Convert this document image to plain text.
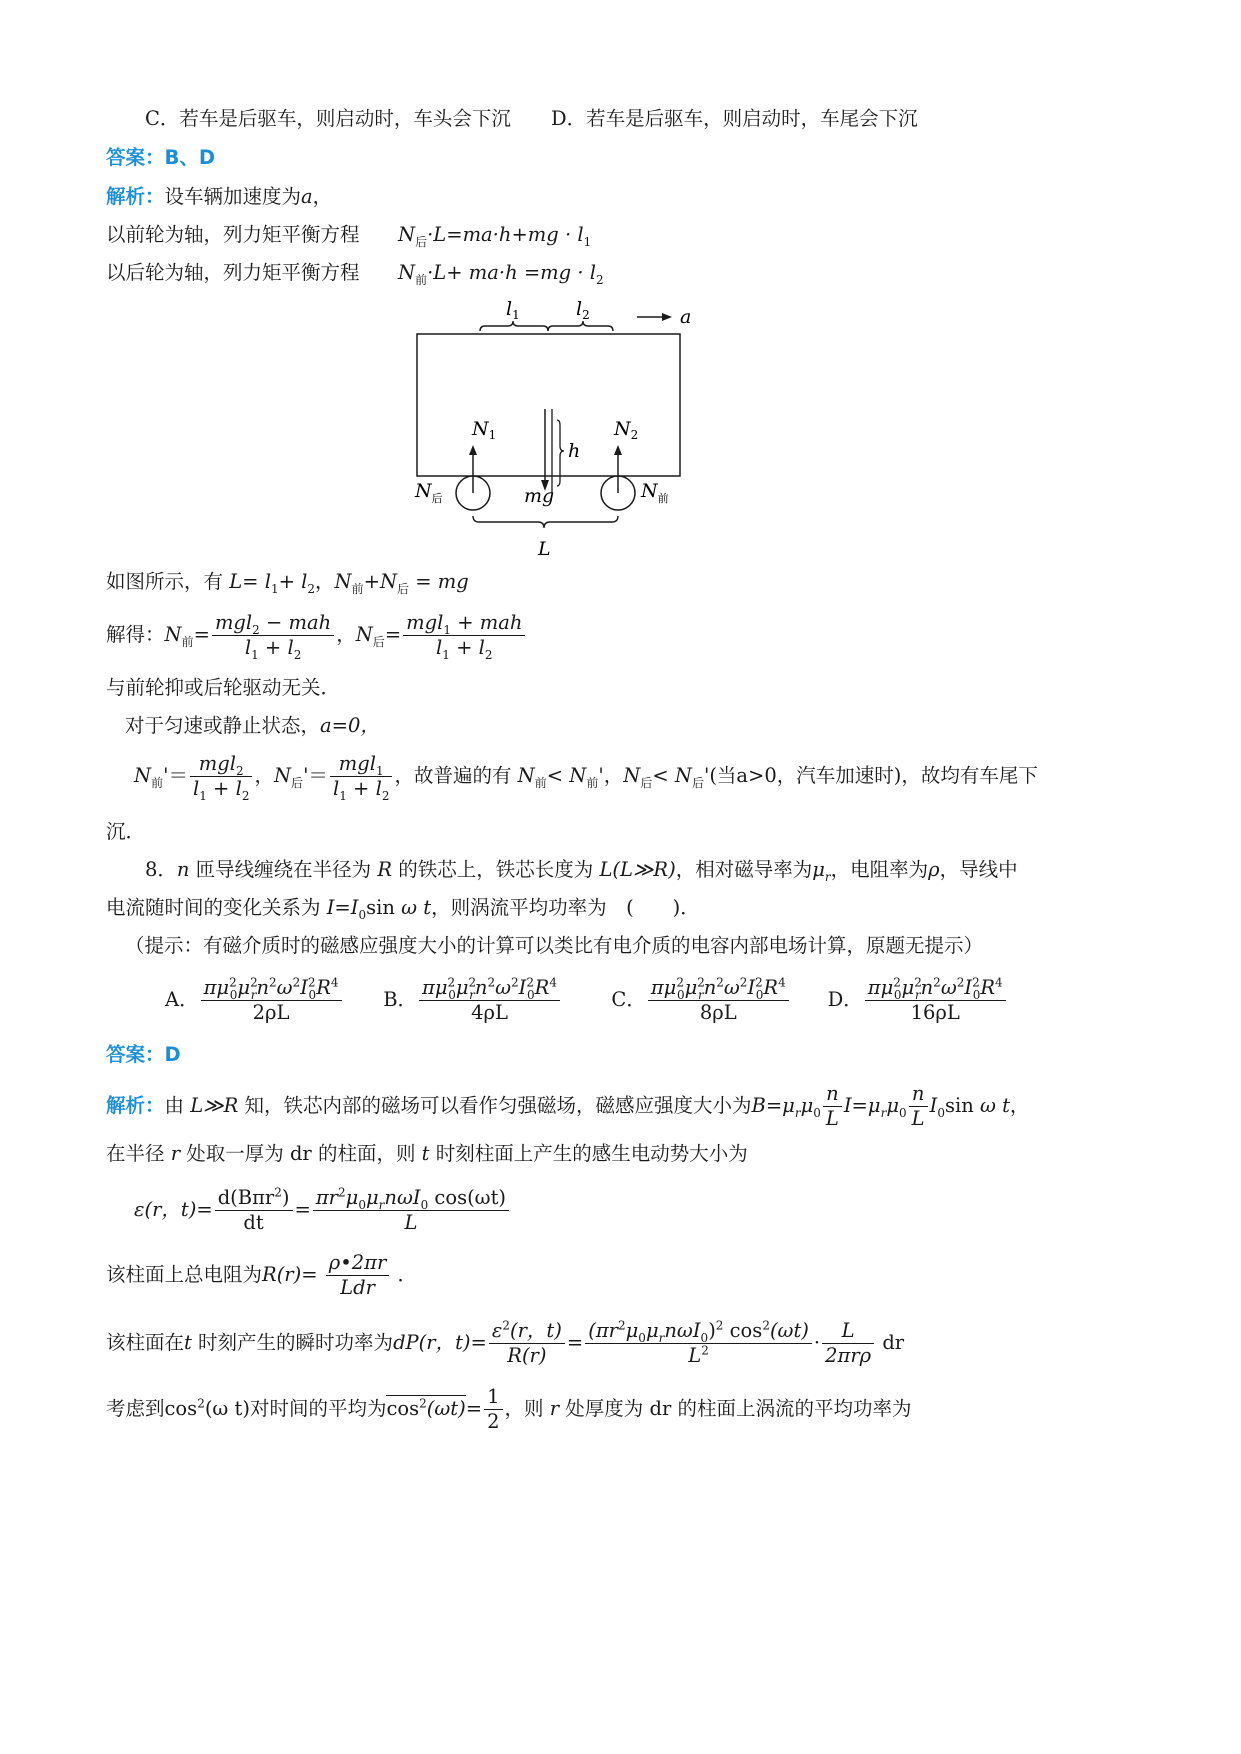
C．若车是后驱车，则启动时，车头会下沉 D．若车是后驱车，则启动时，车尾会下沉
答案：B、D
解析：设车辆加速度为a，
以前轮为轴，列力矩平衡方程 $N_后\cdot L=ma\cdot h+mg \cdot l_1$
以后轮为轴，列力矩平衡方程 $N_前\cdot L+ ma\cdot h =mg \cdot l_2$
$l_1$	$l_2$	a
$N_1$	$N_2$
h
$N_后$	mg	$N_前$
L
如图所示，有 $L= l_1+ l_2$，$N_前+N_后$ = mg
解得：$N_前=$
mgl$_2$ − mah
$l_1 + l_2$
，$N_后=$
mgl$_1$ + mah
$l_1 + l_2$
与前轮抑或后轮驱动无关．
对于匀速或静止状态，a=0，
$N_前'=$
mgl$_2$
$l_1 + l_2$
，$N_后'=$
mgl$_1$
$l_1 + l_2$
，故普遍的有 $N_前< N_前'$，$N_后< N_后'$(当a>0，汽车加速时)，故均有车尾下
沉．
8．n 匝导线缠绕在半径为 R 的铁芯上，铁芯长度为 L(L≫R)，相对磁导率为$\mu_r$，电阻率为ρ，导线中
电流随时间的变化关系为 $I=I_0\sin$ ω t，则涡流平均功率为　(　　)．
（提示：有磁介质时的磁感应强度大小的计算可以类比有电介质的电容内部电场计算，原题无提示）
A． $\frac{\pi\mu^2_0\mu^2_rn^2\omega^2I^2_0R^4}{2\rho L}$ B． $\frac{\pi\mu^2_0\mu^2_rn^2\omega^2I^2_0R^4}{4\rho L}$	C． $\frac{\pi\mu^2_0\mu^2_rn^2\omega^2I^2_0R^4}{8\rho L}$ D． $\frac{\pi\mu^2_0\mu^2_rn^2\omega^2I^2_0R^4}{16\rho L}$
答案：D
解析：由 L≫R 知，铁芯内部的磁场可以看作匀强磁场，磁感应强度大小为$B=\mu_r\mu_0 \frac{n}{L} I=\mu_r\mu_0 \frac{n}{L} I_0\sin$ ω t，
在半径 r 处取一厚为 dr 的柱面，则 t 时刻柱面上产生的感生电动势大小为
ε(r，t)=
d(Bπr$^2$)
dt
=
$\pi r^2\mu_0\mu_rn\omega I_0$ cos(ωt)
L
该柱面上总电阻为R(r)=
ρ•2πr
Ldr
．
该柱面在t 时刻产生的瞬时功率为dP(r，$t)= \frac{\varepsilon^2(r,t)}{R(r)}$ =
$(\pi r^2\mu_0\mu_rn\omega I_0)^2$ $\cos^2(\omega t)$
$L^2$	·
L
2πrρ
dr
考虑到$\cos^2(\omega$ t)对时间的平均为$\cos^2(\omega t)= \frac{1}{2}$ ，则 r 处厚度为 dr 的柱面上涡流的平均功率为
